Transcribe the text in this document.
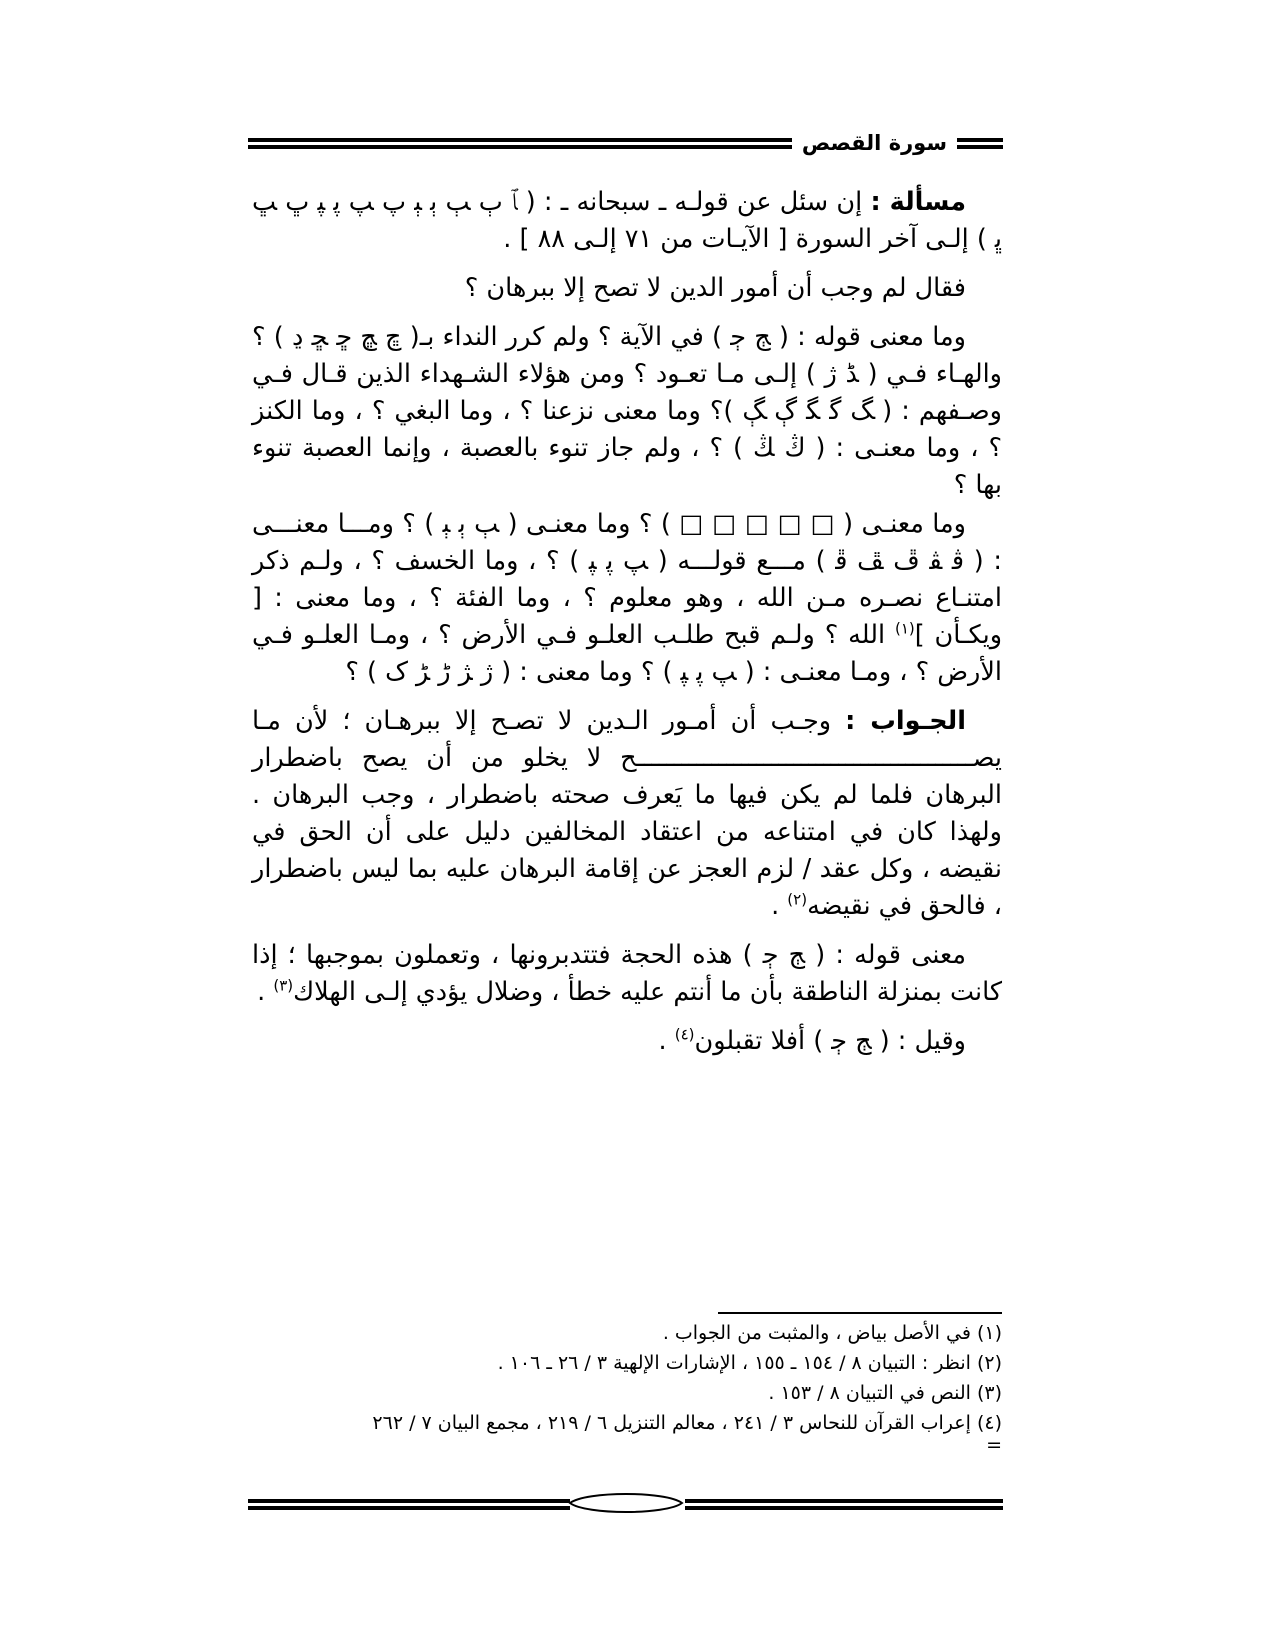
سورة القصص

مسألة : إن سئل عن قولـه ـ سبحانه ـ : ( ﭑ ﭒ ﭓ ﭔ ﭕ ﭖ ﭗ ﭘ ﭙ ﭚ ﭛ ﭜ ) إلـى آخر السورة [ الآيـات من ٧١ إلـى ٨٨ ] .

فقال لم وجب أن أمور الدين لا تصح إلا ببرهان ؟

وما معنى قوله : ( ﭳ ﭴ ) في الآية ؟ ولم كرر النداء بـ( ﭾ ﭿ ﮀ ﮁ ﮂ ) ؟ والهـاء فـي ( ﮉ ﮊ ) إلـى مـا تعـود ؟ ومن هؤلاء الشـهداء الذين قـال فـي وصـفهم : ( ﮓ ﮔ ﮕ ﮖ ﮗ )؟ وما معنى نزعنا ؟ ، وما البغي ؟ ، وما الكنز ؟ ، وما معنـى : ( ﯓ ﯔ ) ؟ ، ولم جاز تنوء بالعصبة ، وإنما العصبة تنوء بها ؟

وما معنـى ( □ □ □ □ □ ) ؟ وما معنـى ( ﭓ ﭔ ﭕ ) ؟ ومـــا معنـــى : ( ﭬ ﭭ ﭮ ﭯ ﭰ ) مـــع قولـــه ( ﭗ ﭘ ﭙ ) ؟ ، وما الخسف ؟ ، ولـم ذكر امتنـاع نصـره مـن الله ، وهو معلوم ؟ ، وما الفئة ؟ ، وما معنى : [ ويكـأن ]$^{(١)}$ الله ؟ ولـم قبح طلـب العلـو فـي الأرض ؟ ، ومـا العلـو فـي الأرض ؟ ، ومـا معنـى : ( ﭗ ﭘ ﭙ ) ؟ وما معنى : ( ﮊ ﮋ ﮌ ﮍ ﮎ ) ؟

الجـواب : وجـب أن أمـور الـدين لا تصـح إلا ببرهـان ؛ لأن مـا يصـــــــــــــــــــــــــــــــــــــــــــــح لا يخلو من أن يصح باضطرار البرهان فلما لم يكن فيها ما يَعرف صحته باضطرار ، وجب البرهان . ولهذا كان في امتناعه من اعتقاد المخالفين دليل على أن الحق في نقيضه ، وكل عقد / لزم العجز عن إقامة البرهان عليه بما ليس باضطرار ، فالحق في نقيضه$^{(٢)}$ .

معنى قوله : ( ﭳ ﭴ ) هذه الحجة فتتدبرونها ، وتعملون بموجبها ؛ إذا كانت بمنزلة الناطقة بأن ما أنتم عليه خطأ ، وضلال يؤدي إلـى الهلاك$^{(٣)}$ .

وقيل : ( ﭳ ﭴ ) أفلا تقبلون$^{(٤)}$ .

(١) في الأصل بياض ، والمثبت من الجواب .

(٢) انظر : التبيان ٨ / ١٥٤ ـ ١٥٥ ، الإشارات الإلهية ٣ / ٢٦ ـ ١٠٦ .

(٣) النص في التبيان ٨ / ١٥٣ .

(٤) إعراب القرآن للنحاس ٣ / ٢٤١ ، معالم التنزيل ٦ / ٢١٩ ، مجمع البيان ٧ / ٢٦٢

=
